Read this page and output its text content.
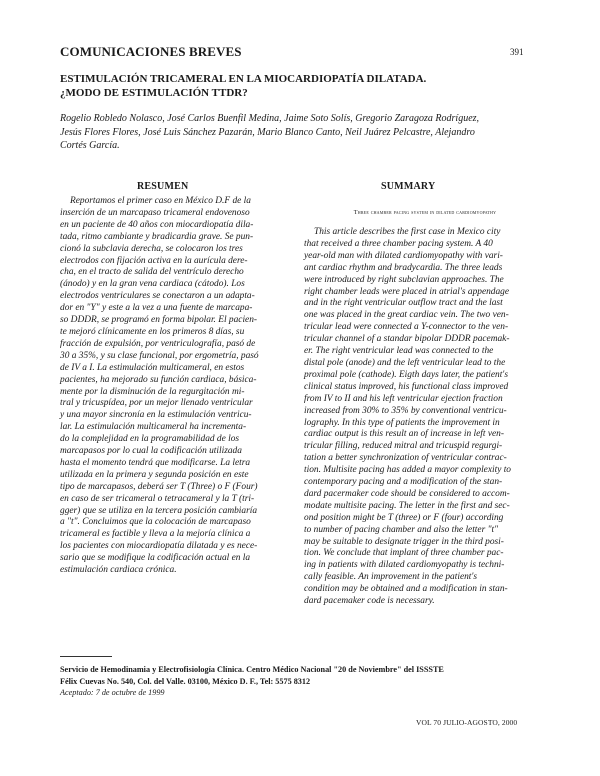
COMUNICACIONES BREVES	391
ESTIMULACIÓN TRICAMERAL EN LA MIOCARDIOPATÍA DILATADA.
¿MODO DE ESTIMULACIÓN TTDR?
Rogelio Robledo Nolasco, José Carlos Buenfil Medina, Jaime Soto Solís, Gregorio Zaragoza Rodríguez,
Jesús Flores Flores, José Luis Sánchez Pazarán, Mario Blanco Canto, Neil Juárez Pelcastre, Alejandro
Cortés García.
RESUMEN	SUMMARY
Three chamber pacing system in dilated cardiomyopathy
Reportamos el primer caso en México D.F de la
inserción de un marcapaso tricameral endovenoso
en un paciente de 40 años con miocardiopatía dila-
tada, ritmo cambiante y bradicardia grave. Se pun-
cionó la subclavia derecha, se colocaron los tres
electrodos con fijación activa en la aurícula dere-
cha, en el tracto de salida del ventrículo derecho
(ánodo) y en la gran vena cardiaca (cátodo). Los
electrodos ventriculares se conectaron a un adapta-
dor en "Y" y este a la vez a una fuente de marcapa-
so DDDR, se programó en forma bipolar. El pacien-
te mejoró clínicamente en los primeros 8 días, su
fracción de expulsión, por ventriculografía, pasó de
30 a 35%, y su clase funcional, por ergometría, pasó
de IV a I. La estimulación multicameral, en estos
pacientes, ha mejorado su función cardiaca, básica-
mente por la disminución de la regurgitación mi-
tral y tricuspídea, por un mejor llenado ventricular
y una mayor sincronía en la estimulación ventricu-
lar. La estimulación multicameral ha incrementa-
do la complejidad en la programabilidad de los
marcapasos por lo cual la codificación utilizada
hasta el momento tendrá que modificarse. La letra
utilizada en la primera y segunda posición en este
tipo de marcapasos, deberá ser T (Three) o F (Four)
en caso de ser tricameral o tetracameral y la T (tri-
gger) que se utiliza en la tercera posición cambiaría
a "t". Concluimos que la colocación de marcapaso
tricameral es factible y lleva a la mejoría clínica a
los pacientes con miocardiopatía dilatada y es nece-
sario que se modifique la codificación actual en la
estimulación cardiaca crónica.
This article describes the first case in Mexico city
that received a three chamber pacing system. A 40
year-old man with dilated cardiomyopathy with vari-
ant cardiac rhythm and bradycardia. The three leads
were introduced by right subclavian approaches. The
right chamber leads were placed in atrial's appendage
and in the right ventricular outflow tract and the last
one was placed in the great cardiac vein. The two ven-
tricular lead were connected a Y-connector to the ven-
tricular channel of a standar bipolar DDDR pacemak-
er. The right ventricular lead was connected to the
distal pole (anode) and the left ventricular lead to the
proximal pole (cathode). Eigth days later, the patient's
clinical status improved, his functional class improved
from IV to II and his left ventricular ejection fraction
increased from 30% to 35% by conventional ventricu-
lography. In this type of patients the improvement in
cardiac output is this result an of increase in left ven-
tricular filling, reduced mitral and tricuspid regurgi-
tation a better synchronization of ventricular contrac-
tion. Multisite pacing has added a mayor complexity to
contemporary pacing and a modification of the stan-
dard pacermaker code should be considered to accom-
modate multisite pacing. The letter in the first and sec-
ond position might be T (three) or F (four) according
to number of pacing chamber and also the letter "t"
may be suitable to designate trigger in the third posi-
tion. We conclude that implant of three chamber pac-
ing in patients with dilated cardiomyopathy is techni-
cally feasible. An improvement in the patient's
condition may be obtained and a modification in stan-
dard pacemaker code is necessary.
Servicio de Hemodinamia y Electrofisiología Clínica. Centro Médico Nacional "20 de Noviembre" del ISSSTE
Félix Cuevas No. 540, Col. del Valle. 03100, México D. F., Tel: 5575 8312
Aceptado: 7 de octubre de 1999
VOL 70 JULIO-AGOSTO, 2000
